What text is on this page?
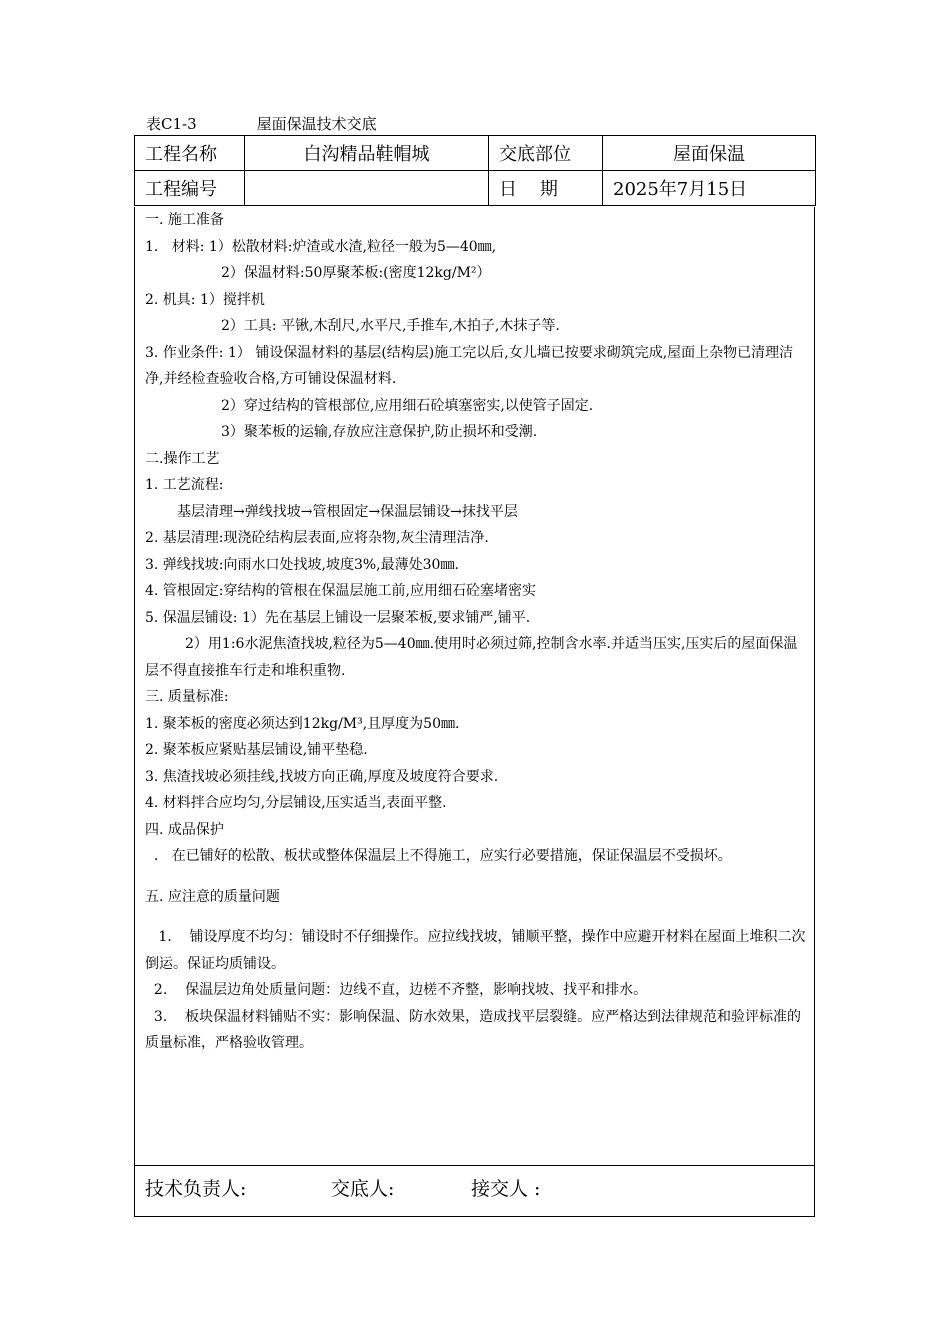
表C1-3	屋面保温技术交底
工程名称	白沟精品鞋帽城	交底部位	屋面保温
工程编号		日    期	2025年7月15日

一. 施工准备

1.   材料: 1）松散材料:炉渣或水渣,粒径一般为5—40㎜,

2）保温材料:50厚聚苯板:(密度12kg/M²）

2. 机具: 1）搅拌机

2）工具: 平锹,木刮尺,水平尺,手推车,木拍子,木抹子等.

3. 作业条件: 1） 铺设保温材料的基层(结构层)施工完以后,女儿墙已按要求砌筑完成,屋面上杂物已清理洁净,并经检查验收合格,方可铺设保温材料.

2）穿过结构的管根部位,应用细石砼填塞密实,以使管子固定.

3）聚苯板的运输,存放应注意保护,防止损坏和受潮.

二.操作工艺

1. 工艺流程:

基层清理→弹线找坡→管根固定→保温层铺设→抹找平层

2. 基层清理:现浇砼结构层表面,应将杂物,灰尘清理洁净.

3. 弹线找坡:向雨水口处找坡,坡度3%,最薄处30㎜.

4. 管根固定:穿结构的管根在保温层施工前,应用细石砼塞堵密实

5. 保温层铺设: 1）先在基层上铺设一层聚苯板,要求铺严,铺平.

2）用1:6水泥焦渣找坡,粒径为5—40㎜.使用时必须过筛,控制含水率.并适当压实,压实后的屋面保温层不得直接推车行走和堆积重物.

三. 质量标准:

1. 聚苯板的密度必须达到12kg/M³,且厚度为50㎜.

2. 聚苯板应紧贴基层铺设,铺平垫稳.

3. 焦渣找坡必须挂线,找坡方向正确,厚度及坡度符合要求.

4. 材料拌合应均匀,分层铺设,压实适当,表面平整.

四. 成品保护

.   在已铺好的松散、板状或整体保温层上不得施工，应实行必要措施，保证保温层不受损坏。

五. 应注意的质量问题

1.    铺设厚度不均匀：铺设时不仔细操作。应拉线找坡，铺顺平整，操作中应避开材料在屋面上堆积二次倒运。保证均质铺设。

2.    保温层边角处质量问题：边线不直，边槎不齐整，影响找坡、找平和排水。

3.    板块保温材料铺贴不实：影响保温、防水效果，造成找平层裂缝。应严格达到法律规范和验评标准的质量标准，严格验收管理。

技术负责人:	交底人:	接交人 :
